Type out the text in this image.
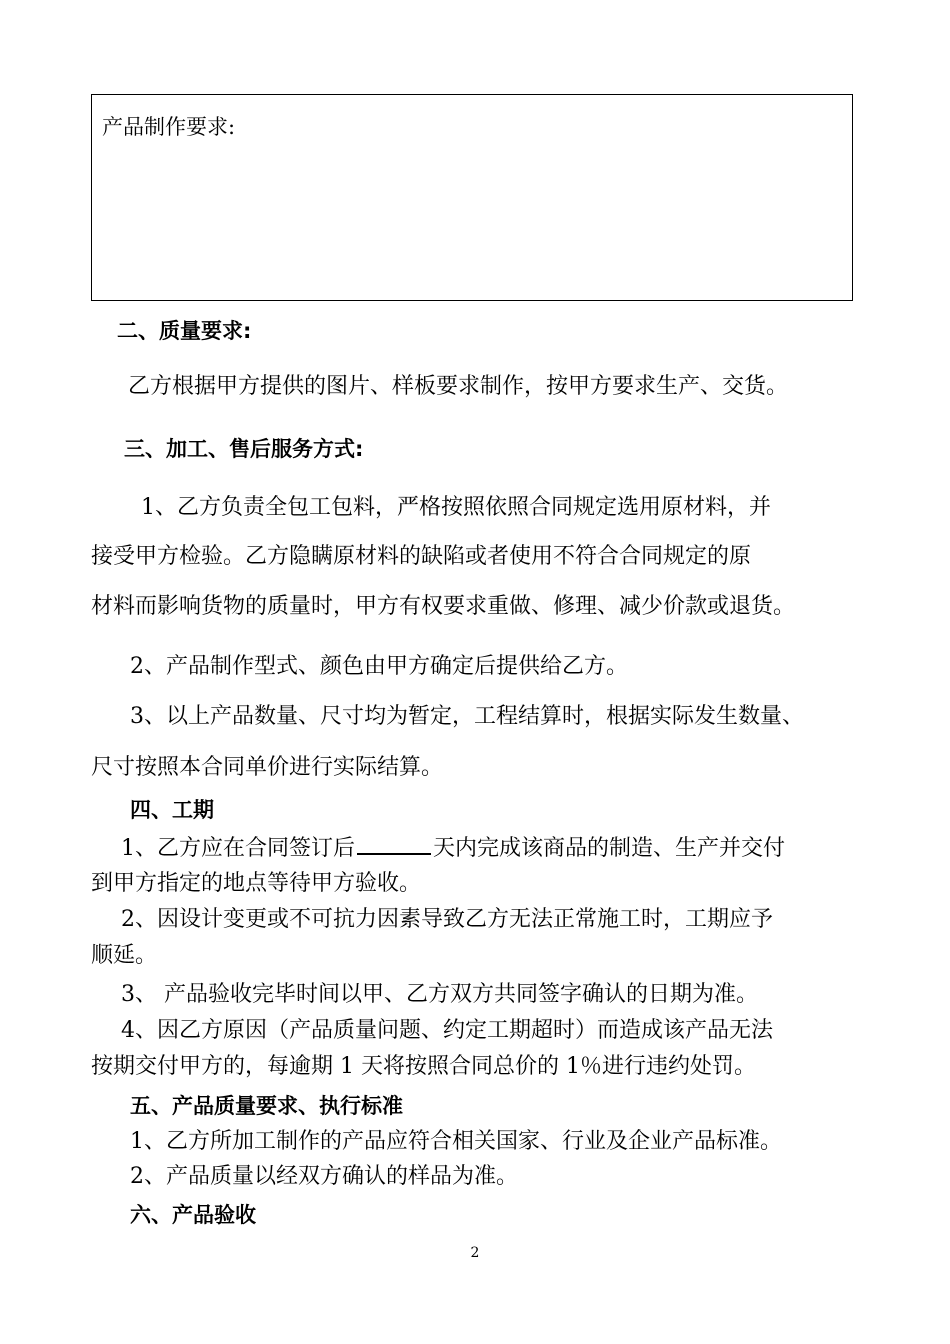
产品制作要求:
二、质量要求:
乙方根据甲方提供的图片、样板要求制作，按甲方要求生产、交货。
三、加工、售后服务方式:
1、乙方负责全包工包料，严格按照依照合同规定选用原材料，并
接受甲方检验。乙方隐瞒原材料的缺陷或者使用不符合合同规定的原
材料而影响货物的质量时，甲方有权要求重做、修理、减少价款或退货。
2、产品制作型式、颜色由甲方确定后提供给乙方。
3、以上产品数量、尺寸均为暂定，工程结算时，根据实际发生数量、
尺寸按照本合同单价进行实际结算。
四、工期
1、乙方应在合同签订后	天内完成该商品的制造、生产并交付
到甲方指定的地点等待甲方验收。
2、因设计变更或不可抗力因素导致乙方无法正常施工时，工期应予
顺延。
3、 产品验收完毕时间以甲、乙方双方共同签字确认的日期为准。
4、因乙方原因（产品质量问题、约定工期超时）而造成该产品无法
按期交付甲方的，每逾期 1 天将按照合同总价的 1％进行违约处罚。
五、产品质量要求、执行标准
1、乙方所加工制作的产品应符合相关国家、行业及企业产品标准。
2、产品质量以经双方确认的样品为准。
六、产品验收
2
